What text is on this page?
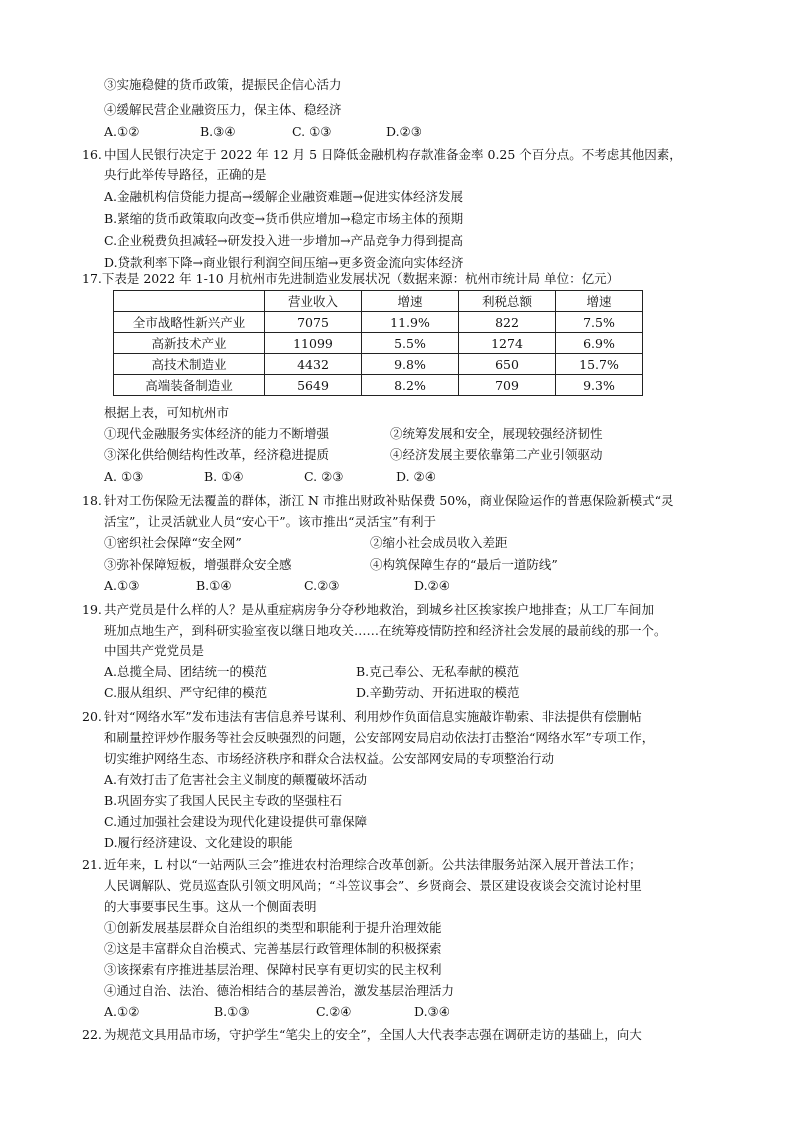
③实施稳健的货币政策，提振民企信心活力
④缓解民营企业融资压力，保主体、稳经济
A.①②	B.③④	C. ①③	D.②③
16. 中国人民银行决定于 2022 年 12 月 5 日降低金融机构存款准备金率 0.25 个百分点。不考虑其他因素，
央行此举传导路径，正确的是
A.金融机构信贷能力提高→缓解企业融资难题→促进实体经济发展
B.紧缩的货币政策取向改变→货币供应增加→稳定市场主体的预期
C.企业税费负担减轻→研发投入进一步增加→产品竞争力得到提高
D.贷款利率下降→商业银行利润空间压缩→更多资金流向实体经济
17.下表是 2022 年 1-10 月杭州市先进制造业发展状况（数据来源：杭州市统计局 单位：亿元）
	营业收入	增速	利税总额	增速
全市战略性新兴产业	7075	11.9%	822	7.5%
高新技术产业	11099	5.5%	1274	6.9%
高技术制造业	4432	9.8%	650	15.7%
高端装备制造业	5649	8.2%	709	9.3%
根据上表，可知杭州市
①现代金融服务实体经济的能力不断增强	②统筹发展和安全，展现较强经济韧性
③深化供给侧结构性改革，经济稳进提质	④经济发展主要依靠第二产业引领驱动
A. ①③	B. ①④	C. ②③	D. ②④
18. 针对工伤保险无法覆盖的群体，浙江 N 市推出财政补贴保费 50%，商业保险运作的普惠保险新模式“灵
活宝”，让灵活就业人员“安心干”。该市推出“灵活宝”有利于
①密织社会保障“安全网”	②缩小社会成员收入差距
③弥补保障短板，增强群众安全感	④构筑保障生存的“最后一道防线”
A.①③	B.①④	C.②③	D.②④
19. 共产党员是什么样的人？是从重症病房争分夺秒地救治，到城乡社区挨家挨户地排查；从工厂车间加
班加点地生产，到科研实验室夜以继日地攻关……在统筹疫情防控和经济社会发展的最前线的那一个。
中国共产党党员是
A.总揽全局、团结统一的模范	B.克己奉公、无私奉献的模范
C.服从组织、严守纪律的模范	D.辛勤劳动、开拓进取的模范
20. 针对“网络水军”发布违法有害信息养号谋利、利用炒作负面信息实施敲诈勒索、非法提供有偿删帖
和刷量控评炒作服务等社会反映强烈的问题，公安部网安局启动依法打击整治“网络水军”专项工作，
切实维护网络生态、市场经济秩序和群众合法权益。公安部网安局的专项整治行动
A.有效打击了危害社会主义制度的颠覆破坏活动
B.巩固夯实了我国人民民主专政的坚强柱石
C.通过加强社会建设为现代化建设提供可靠保障
D.履行经济建设、文化建设的职能
21. 近年来，L 村以“一站两队三会”推进农村治理综合改革创新。公共法律服务站深入展开普法工作；
人民调解队、党员巡查队引领文明风尚；“斗笠议事会”、乡贤商会、景区建设夜谈会交流讨论村里
的大事要事民生事。这从一个侧面表明
①创新发展基层群众自治组织的类型和职能利于提升治理效能
②这是丰富群众自治模式、完善基层行政管理体制的积极探索
③该探索有序推进基层治理、保障村民享有更切实的民主权利
④通过自治、法治、德治相结合的基层善治，激发基层治理活力
A.①②	B.①③	C.②④	D.③④
22. 为规范文具用品市场，守护学生“笔尖上的安全”，全国人大代表李志强在调研走访的基础上，向大
